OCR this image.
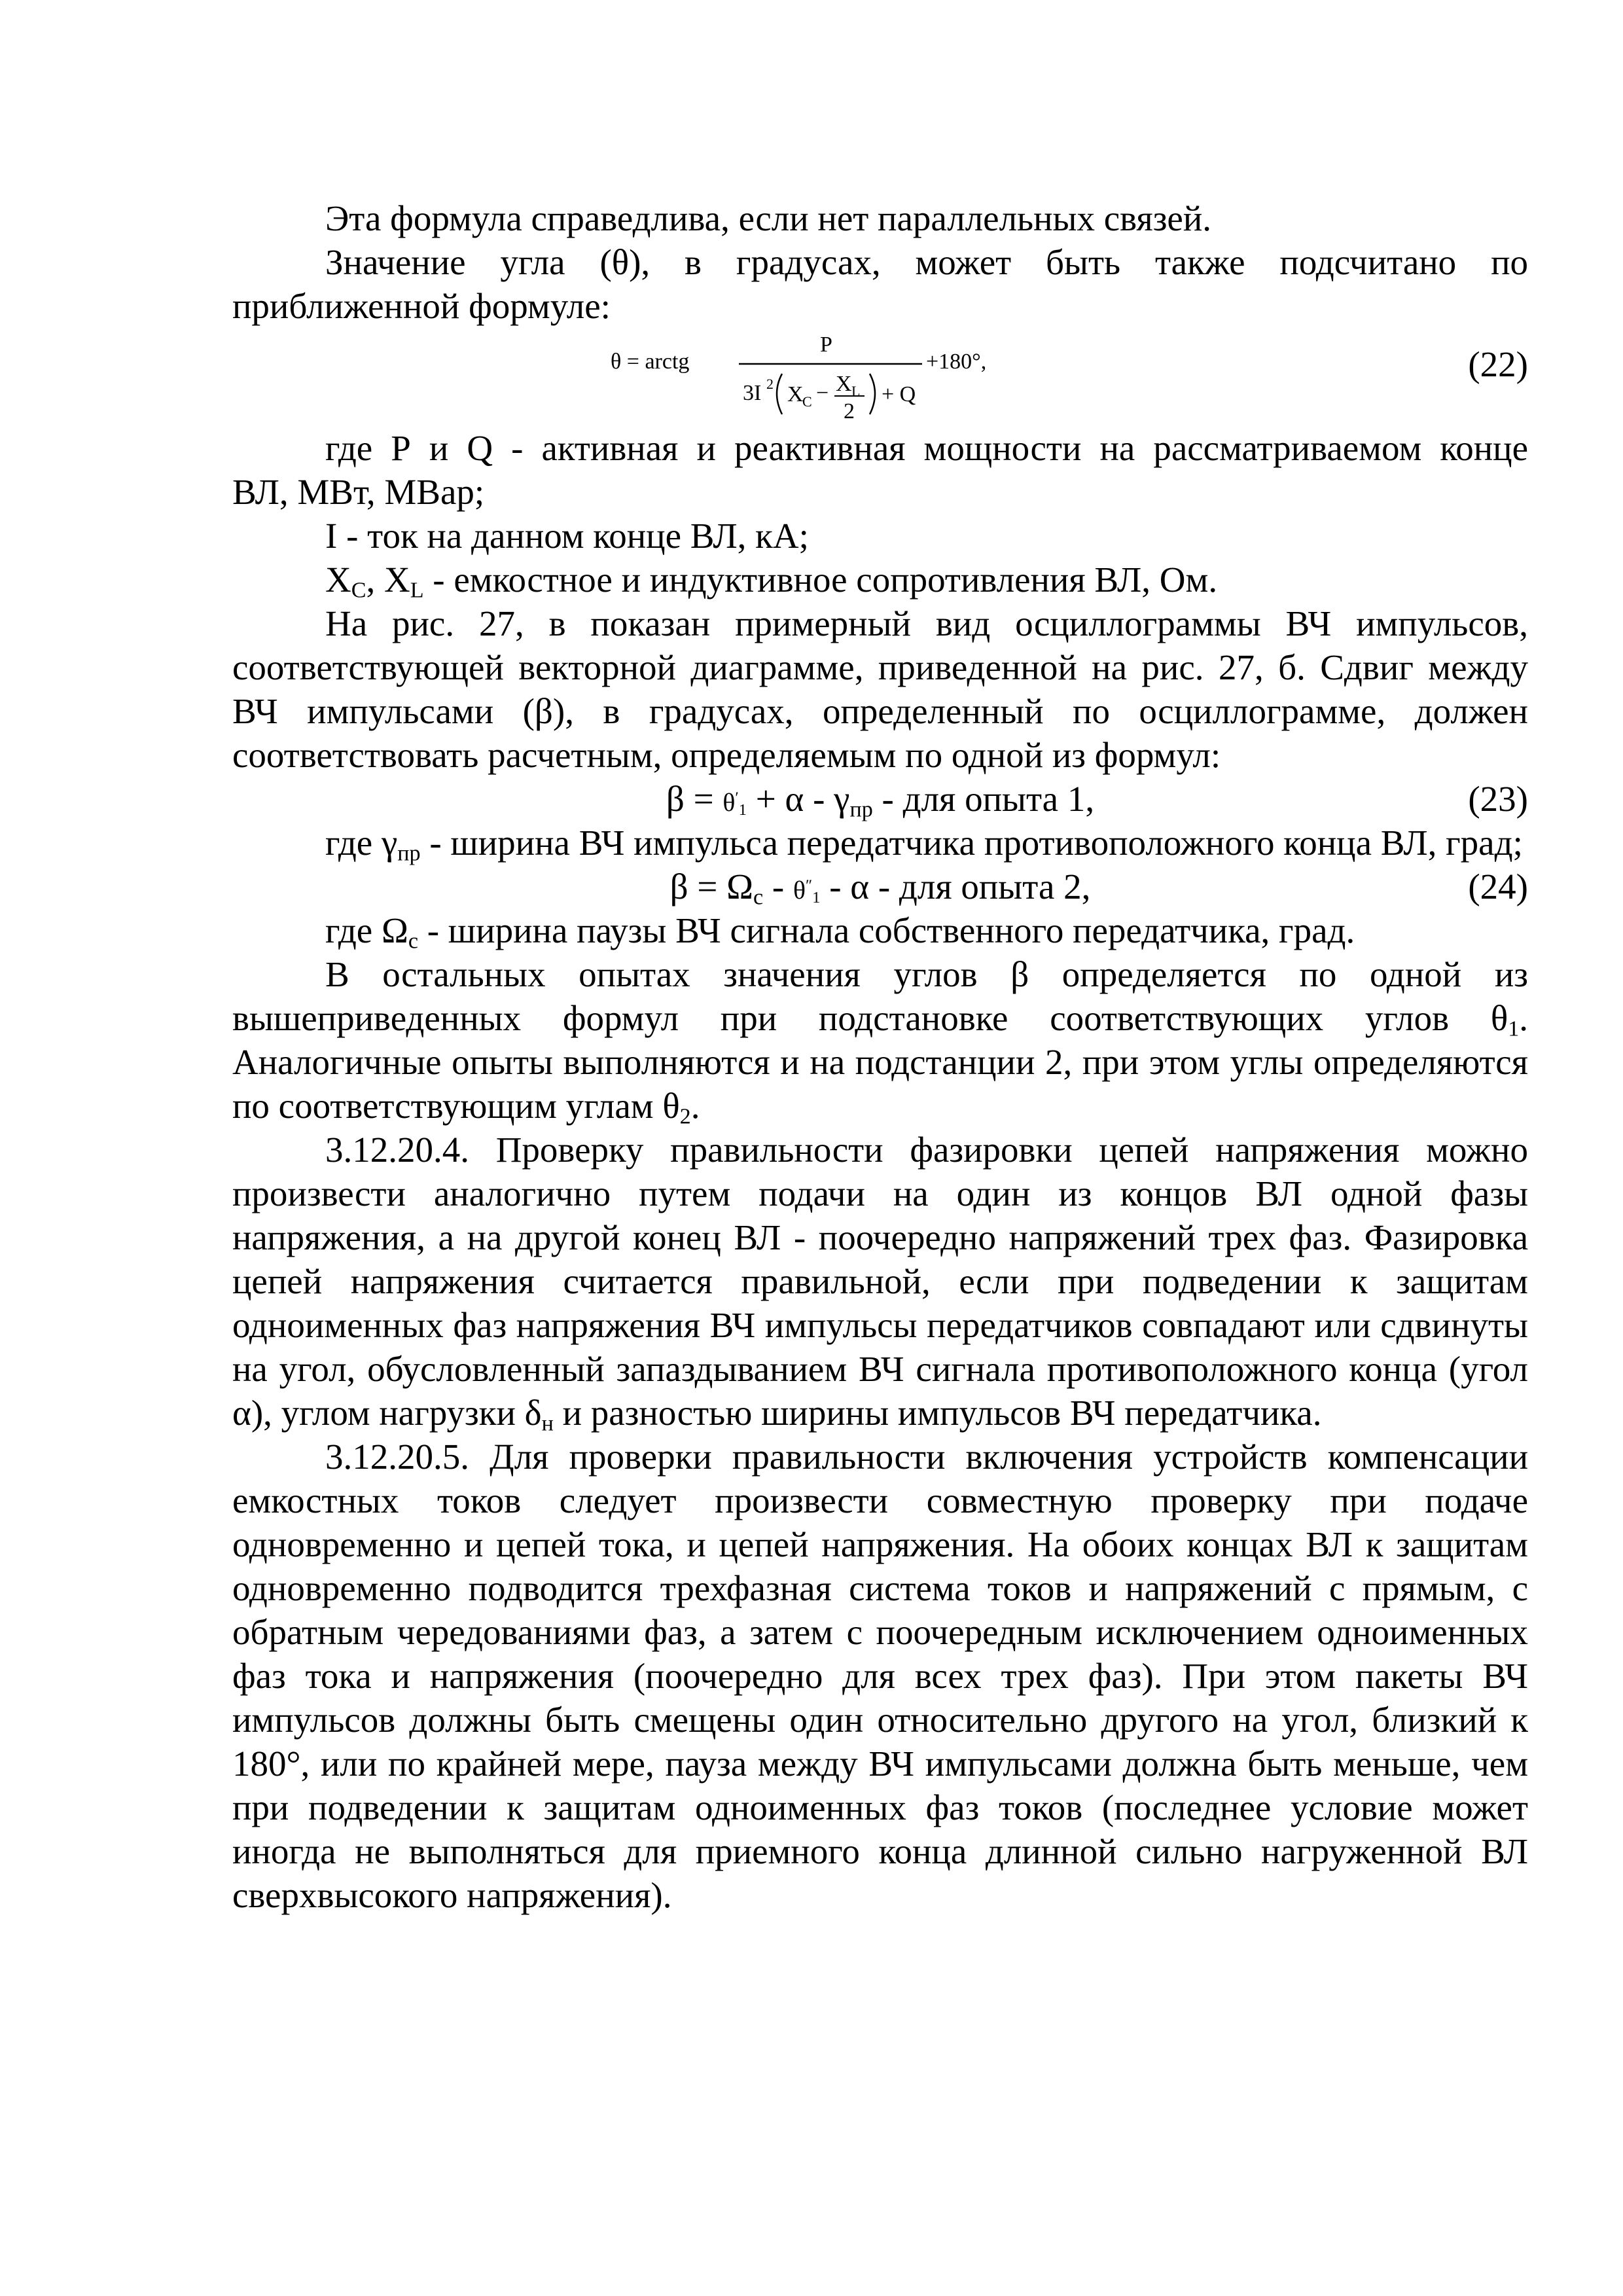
Эта формула справедлива, если нет параллельных связей.

Значение угла (θ), в градусах, может быть также подсчитано по

приближенной формуле:

θ = arctg
P
3I 2 X
C − X L
2
+ Q
+180°,	(22)

где Р и Q - активная и реактивная мощности на рассматриваемом конце

ВЛ, МВт, МВар;

I - ток на данном конце ВЛ, кА;

$X_C$, $X_L$ - емкостное и индуктивное сопротивления ВЛ, Ом.

На рис. 27, в показан примерный вид осциллограммы ВЧ импульсов, соответствующей векторной диаграмме, приведенной на рис. 27, б. Сдвиг между ВЧ импульсами (β), в градусах, определенный по осциллограмме, должен соответствовать расчетным, определяемым по одной из формул:

$\beta = \theta'_1 + \alpha - \gamma_{пр}$ - для опыта 1,	(23)

где $\gamma_{пр}$ - ширина ВЧ импульса передатчика противоположного конца ВЛ, град;

$\beta = \Omega_с - \theta''_1 - \alpha$ - для опыта 2,	(24)

где $\Omega_с$ - ширина паузы ВЧ сигнала собственного передатчика, град.

В остальных опытах значения углов β определяется по одной из вышеприведенных формул при подстановке соответствующих углов $\theta_1$. Аналогичные опыты выполняются и на подстанции 2, при этом углы определяются по соответствующим углам $\theta_2$.

3.12.20.4. Проверку правильности фазировки цепей напряжения можно произвести аналогично путем подачи на один из концов ВЛ одной фазы напряжения, а на другой конец ВЛ - поочередно напряжений трех фаз. Фазировка цепей напряжения считается правильной, если при подведении к защитам одноименных фаз напряжения ВЧ импульсы передатчиков совпадают или сдвинуты на угол, обусловленный запаздыванием ВЧ сигнала противоположного конца (угол α), углом нагрузки $\delta_н$ и разностью ширины импульсов ВЧ передатчика.

3.12.20.5. Для проверки правильности включения устройств компенсации емкостных токов следует произвести совместную проверку при подаче одновременно и цепей тока, и цепей напряжения. На обоих концах ВЛ к защитам одновременно подводится трехфазная система токов и напряжений с прямым, с обратным чередованиями фаз, а затем с поочередным исключением одноименных фаз тока и напряжения (поочередно для всех трех фаз). При этом пакеты ВЧ импульсов должны быть смещены один относительно другого на угол, близкий к 180°, или по крайней мере, пауза между ВЧ импульсами должна быть меньше, чем при подведении к защитам одноименных фаз токов (последнее условие может иногда не выполняться для приемного конца длинной сильно нагруженной ВЛ сверхвысокого напряжения).
